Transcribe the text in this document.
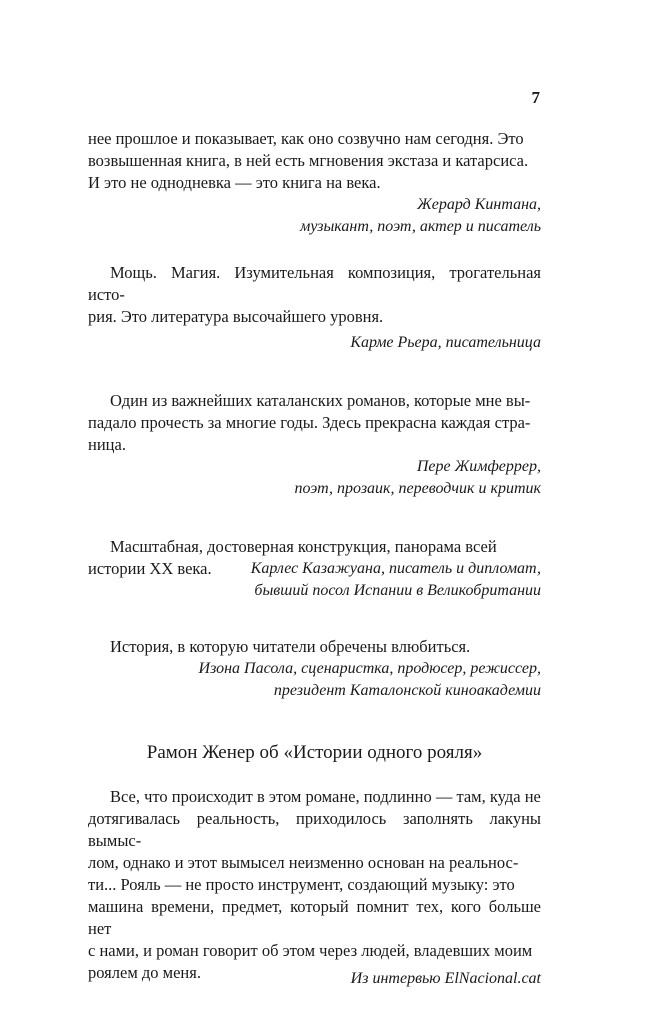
7

нее прошлое и показывает, как оно созвучно нам сегодня. Это

возвышенная книга, в ней есть мгновения экстаза и катарсиса.

И это не однодневка — это книга на века.

Жерард Кинтана,
музыкант, поэт, актер и писатель

Мощь. Магия. Изумительная композиция, трогательная исто-

рия. Это литература высочайшего уровня.

Карме Рьера, писательница

Один из важнейших каталанских романов, которые мне вы-

падало прочесть за многие годы. Здесь прекрасна каждая стра-

ница.

Пере Жимферрер,
поэт, прозаик, переводчик и критик

Масштабная, достоверная конструкция, панорама всей

истории XX века. Карлес Казажуана, писатель и дипломат,
бывший посол Испании в Великобритании

История, в которую читатели обречены влюбиться.

Изона Пасола, сценаристка, продюсер, режиссер,
президент Каталонской киноакадемии
Рамон Женер об «Истории одного рояля»

Все, что происходит в этом романе, подлинно — там, куда не

дотягивалась реальность, приходилось заполнять лакуны вымыс-

лом, однако и этот вымысел неизменно основан на реальнос-

ти... Рояль — не просто инструмент, создающий музыку: это

машина времени, предмет, который помнит тех, кого больше нет

с нами, и роман говорит об этом через людей, владевших моим

роялем до меня.	Из интервью ElNacional.cat
